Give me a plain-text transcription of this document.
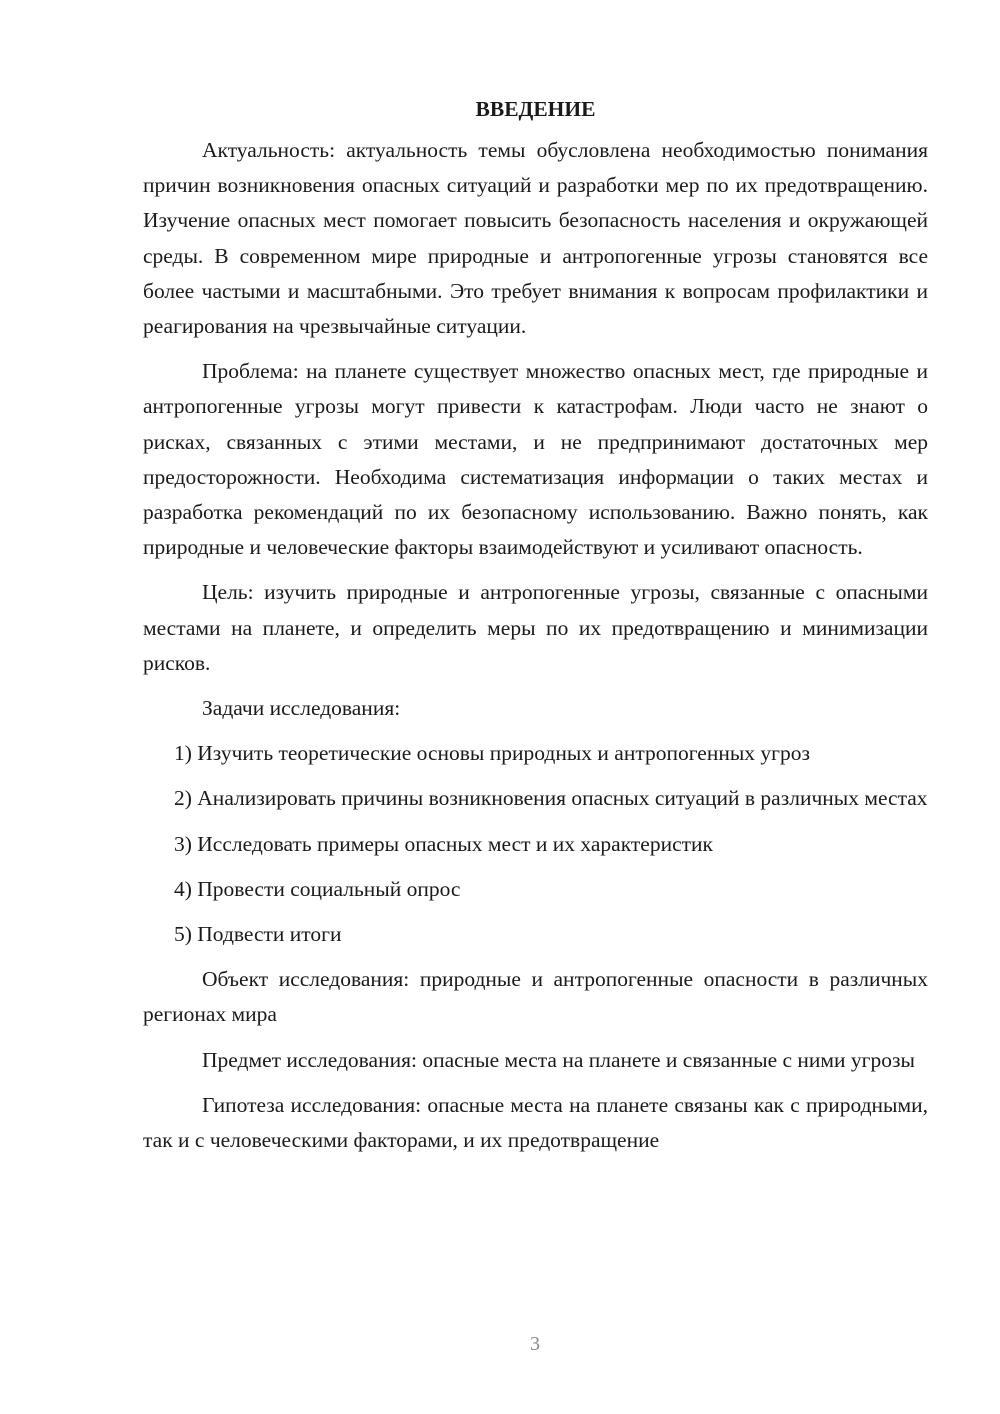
ВВЕДЕНИЕ

Актуальность: актуальность темы обусловлена необходимостью понимания причин возникновения опасных ситуаций и разработки мер по их предотвращению. Изучение опасных мест помогает повысить безопасность населения и окружающей среды. В современном мире природные и антропогенные угрозы становятся все более частыми и масштабными. Это требует внимания к вопросам профилактики и реагирования на чрезвычайные ситуации.

Проблема: на планете существует множество опасных мест, где природные и антропогенные угрозы могут привести к катастрофам. Люди часто не знают о рисках, связанных с этими местами, и не предпринимают достаточных мер предосторожности. Необходима систематизация информации о таких местах и разработка рекомендаций по их безопасному использованию. Важно понять, как природные и человеческие факторы взаимодействуют и усиливают опасность.

Цель: изучить природные и антропогенные угрозы, связанные с опасными местами на планете, и определить меры по их предотвращению и минимизации рисков.

Задачи исследования:

1) Изучить теоретические основы природных и антропогенных угроз

2) Анализировать причины возникновения опасных ситуаций в различных местах

3) Исследовать примеры опасных мест и их характеристик

4) Провести социальный опрос

5) Подвести итоги

Объект исследования: природные и антропогенные опасности в различных регионах мира

Предмет исследования: опасные места на планете и связанные с ними угрозы

Гипотеза исследования: опасные места на планете связаны как с природными, так и с человеческими факторами, и их предотвращение

3
